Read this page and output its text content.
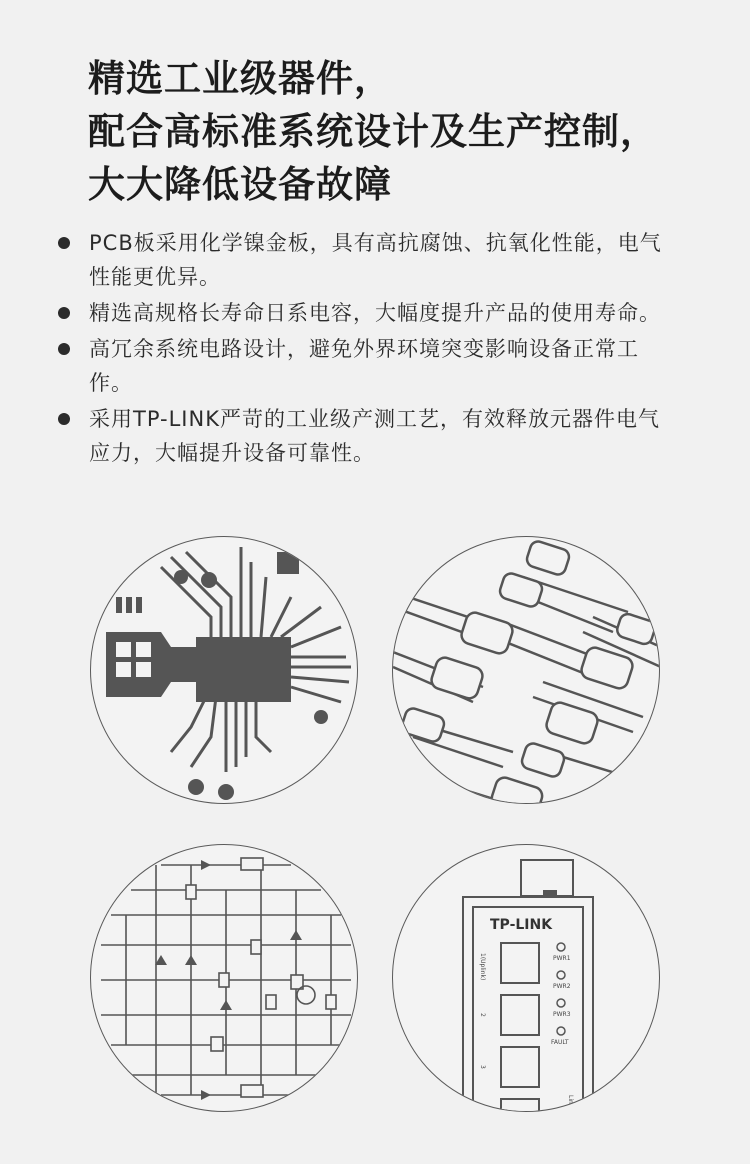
精选工业级器件，
配合高标准系统设计及生产控制，
大大降低设备故障
PCB板采用化学镍金板，具有高抗腐蚀、抗氧化性能，电气性能更优异。
精选高规格长寿命日系电容，大幅度提升产品的使用寿命。
高冗余系统电路设计，避免外界环境突变影响设备正常工作。
采用TP-LINK严苛的工业级产测工艺，有效释放元器件电气应力，大幅提升设备可靠性。
TP-LINK
PWR1
PWR2
PWR3
FAULT
1(Uplink)
2
3
Link
